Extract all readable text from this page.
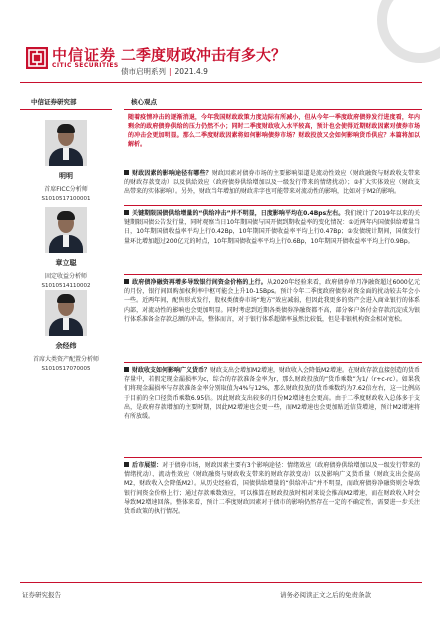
中信证券
CITIC SECURITIES
二季度财政冲击有多大？
债市启明系列 | 2021.4.9
中信证券研究部
明明
首席FICC分析师
S1010517100001
章立聪
固定收益分析师
S1010514110002
余经纬
首席大类资产配置分析师
S1010517070005
核心观点
随着疫情冲击的逐渐消退，今年我国财政政策力度边际有所减小，但从今年一季度政府债券发行进度看，年内剩余的政府债券供给的压力仍然不小；同时二季度财政收入水平较高，预计也会使得近期财政因素对债券市场的冲击会更加明显。那么二季度财政因素将如何影响债券市场？财政投放又会如何影响货币供应？本篇将加以解析。
财政因素的影响途径有哪些？财政因素对债券市场的主要影响渠道是流动性效应（财政融资与财政收支带来的财政存款变动）以及供給效应（政府债券供给增加以及一级发行带来的情绪扰动）；②扩大实体效应（财政支出带来的实体影响）。另外，财政当年增加的财政赤字也可能带来对流动性的影响，比如对于M2的影响。
关键期限国债供给增量的“供给冲击”并不明显，日度影响平均在0.4Bps左右。我们统计了2019年以来的关键期限国债公告发行量，同时观察当日10年期国债与国开债到期收益率的变化情况：①近两年内国债供给增量当日，10年期国债收益率平均上行0.42Bp，10年期国开债收益率平均上行0.47Bp；②发债统计期间，国债发行量环比增加超过200亿元的时点，10年期国债收益率平均上行0.6Bp，10年期国开债收益率平均上行0.9Bp。
政府债净融资再增多导致银行间资金价格的上行。从2020年经验来看，政府债券单月净融资超过6000亿元的月份，银行间回购加权利率中枢可能会上升10-15Bps。预计今年二季度政府债券对资金面的扰动较去年会小一些。近两年间，配售形式发行，股权类债券市场“地方”效应减弱，但因此我更多的资产会进入商业银行的体系内部，对流动性的影响也会更加明显。同时考虑到近期各类债券净融资都不高，部分客户备付金存款沉淀成为银行体系准备金存款总额的冲击，整体而言，对于银行体系超储率虽然比较低，但是非银机构资金相对宽松。
财政收支如何影响广义货币？财政支出会增加M2增速，财政收入会降低M2增速。在财政存款直接创造的货币存量中，若假定现金漏损率为c，综合的存款准备金率为r，那么财政投放的“货币乘数”为1/（r+c-rc）。如果我们将现金漏损率与存款准备金率分别取值为4%与12%，那么财政投放的货币乘数约为7.62倍左右，这一比例高于目前的全口径货币乘数6.95倍。因此财政支出较多的月份M2增速也会更高。由于二季度财政收入总体多于支出，是政府存款增加的主要时期，因此M2增速也会更一些，而M2增速也会更加贴近信贷增速，预计M2增速将有所放缓。
后市展望：对于债券市场，财政因素主要有3个影响途径：情绪效应（政府债券供给增加以及一级发行带来的情绪扰动）、流动性效应（财政融资与财政收支带来的财政存款变动）以及影响广义货币量（财政支出会提高M2，财政收入会降低M2）。从历史经验看，国债供给增量的“供给冲击”并不明显，而政府债券净融资则会导致银行间资金价格上行；通过存款乘数效应，可以推算在财政投放时相对来说会推高M2增速，而在财政收入时会导致M2增速回落。整体来看，预计二季度财政因素对于债市的影响仍然存在一定的不确定性，需要进一步关注货币政策的执行情况。
证券研究报告	请务必阅读正文之后的免责条款
